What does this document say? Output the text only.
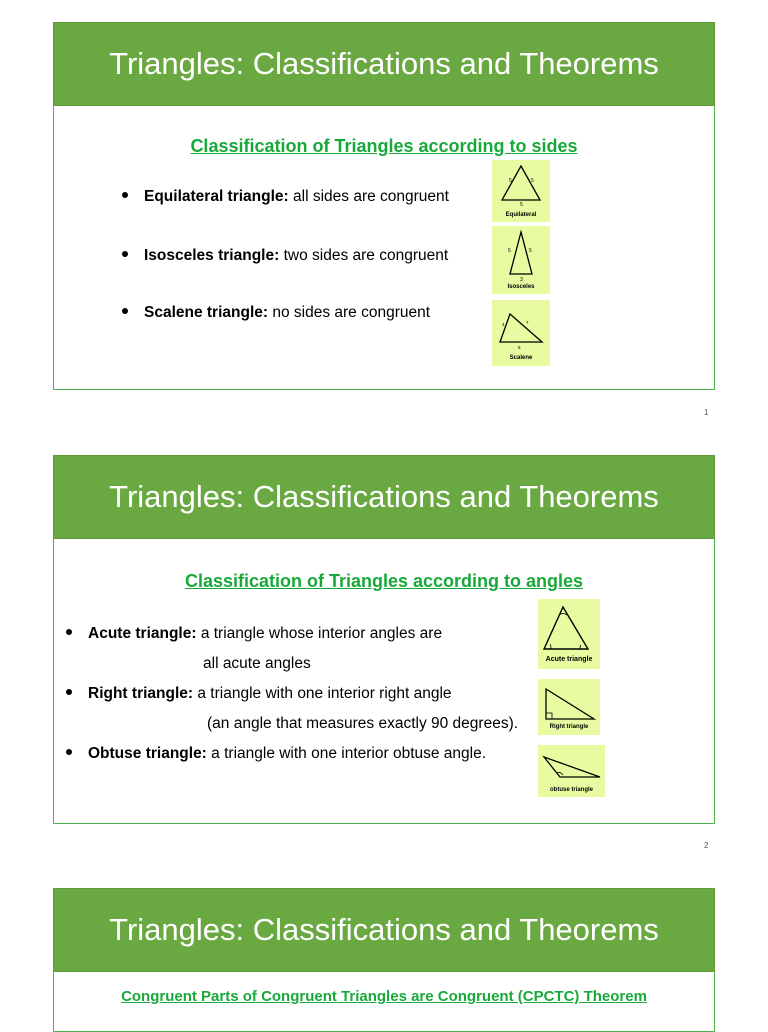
Triangles: Classifications and Theorems
Classification of Triangles according to sides
Equilateral triangle: all sides are congruent
Isosceles triangle: two sides are congruent
Scalene triangle: no sides are congruent
5	5
5
Equilateral
5	5
3
Isosceles
4	7
8
Scalene
1
Triangles: Classifications and Theorems
Classification of Triangles according to angles
Acute triangle: a triangle whose interior angles are
all acute angles
Right triangle: a triangle with one interior right angle
(an angle that measures exactly 90 degrees).
Obtuse triangle: a triangle with one interior obtuse angle.
Acute triangle
Right triangle
obtuse triangle
2
Triangles: Classifications and Theorems
Congruent Parts of Congruent Triangles are Congruent (CPCTC) Theorem
